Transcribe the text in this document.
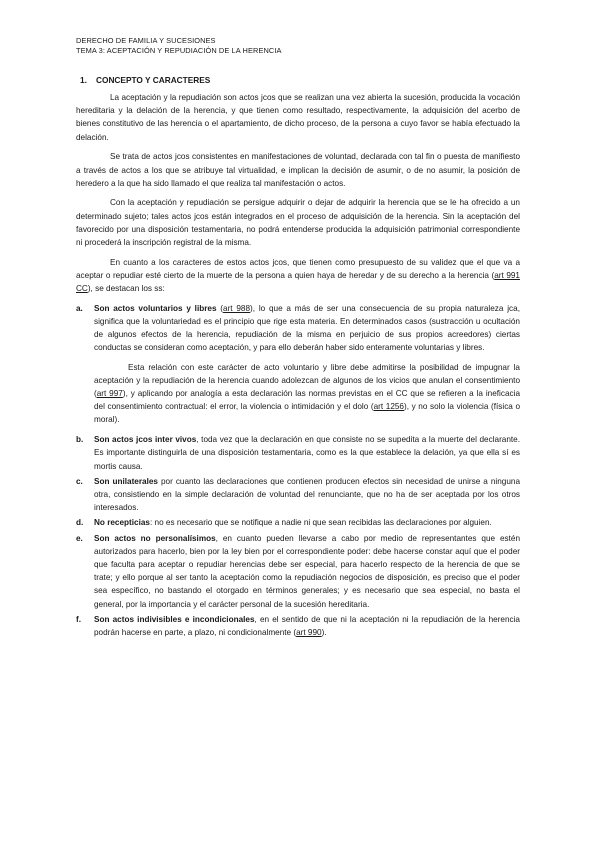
DERECHO DE FAMILIA Y SUCESIONES
TEMA 3: ACEPTACIÓN Y REPUDIACIÓN DE LA HERENCIA
1. CONCEPTO Y CARACTERES

La aceptación y la repudiación son actos jcos que se realizan una vez abierta la sucesión, producida la vocación hereditaria y la delación de la herencia, y que tienen como resultado, respectivamente, la adquisición del acerbo de bienes constitutivo de las herencia o el apartamiento, de dicho proceso, de la persona a cuyo favor se había efectuado la delación.

Se trata de actos jcos consistentes en manifestaciones de voluntad, declarada con tal fin o puesta de manifiesto a través de actos a los que se atribuye tal virtualidad, e implican la decisión de asumir, o de no asumir, la posición de heredero a la que ha sido llamado el que realiza tal manifestación o actos.

Con la aceptación y repudiación se persigue adquirir o dejar de adquirir la herencia que se le ha ofrecido a un determinado sujeto; tales actos jcos están integrados en el proceso de adquisición de la herencia. Sin la aceptación del favorecido por una disposición testamentaria, no podrá entenderse producida la adquisición patrimonial correspondiente ni procederá la inscripción registral de la misma.

En cuanto a los caracteres de estos actos jcos, que tienen como presupuesto de su validez que el que va a aceptar o repudiar esté cierto de la muerte de la persona a quien haya de heredar y de su derecho a la herencia (art 991 CC), se destacan los ss:

a. Son actos voluntarios y libres (art 988), lo que a más de ser una consecuencia de su propia naturaleza jca, significa que la voluntariedad es el principio que rige esta materia. En determinados casos (sustracción u ocultación de algunos efectos de la herencia, repudiación de la misma en perjuicio de sus propios acreedores) ciertas conductas se consideran como aceptación, y para ello deberán haber sido enteramente voluntarias y libres.

Esta relación con este carácter de acto voluntario y libre debe admitirse la posibilidad de impugnar la aceptación y la repudiación de la herencia cuando adolezcan de algunos de los vicios que anulan el consentimiento (art 997), y aplicando por analogía a esta declaración las normas previstas en el CC que se refieren a la ineficacia del consentimiento contractual: el error, la violencia o intimidación y el dolo (art 1256), y no solo la violencia (física o moral).

b. Son actos jcos inter vivos, toda vez que la declaración en que consiste no se supedita a la muerte del declarante. Es importante distinguirla de una disposición testamentaria, como es la que establece la delación, ya que ella sí es mortis causa.
c. Son unilaterales por cuanto las declaraciones que contienen producen efectos sin necesidad de unirse a ninguna otra, consistiendo en la simple declaración de voluntad del renunciante, que no ha de ser aceptada por los otros interesados.
d. No recepticias: no es necesario que se notifique a nadie ni que sean recibidas las declaraciones por alguien.
e. Son actos no personalísimos, en cuanto pueden llevarse a cabo por medio de representantes que estén autorizados para hacerlo, bien por la ley bien por el correspondiente poder: debe hacerse constar aquí que el poder que faculta para aceptar o repudiar herencias debe ser especial, para hacerlo respecto de la herencia de que se trate; y ello porque al ser tanto la aceptación como la repudiación negocios de disposición, es preciso que el poder sea específico, no bastando el otorgado en términos generales; y es necesario que sea especial, no basta el general, por la importancia y el carácter personal de la sucesión hereditaria.
f. Son actos indivisibles e incondicionales, en el sentido de que ni la aceptación ni la repudiación de la herencia podrán hacerse en parte, a plazo, ni condicionalmente (art 990).
